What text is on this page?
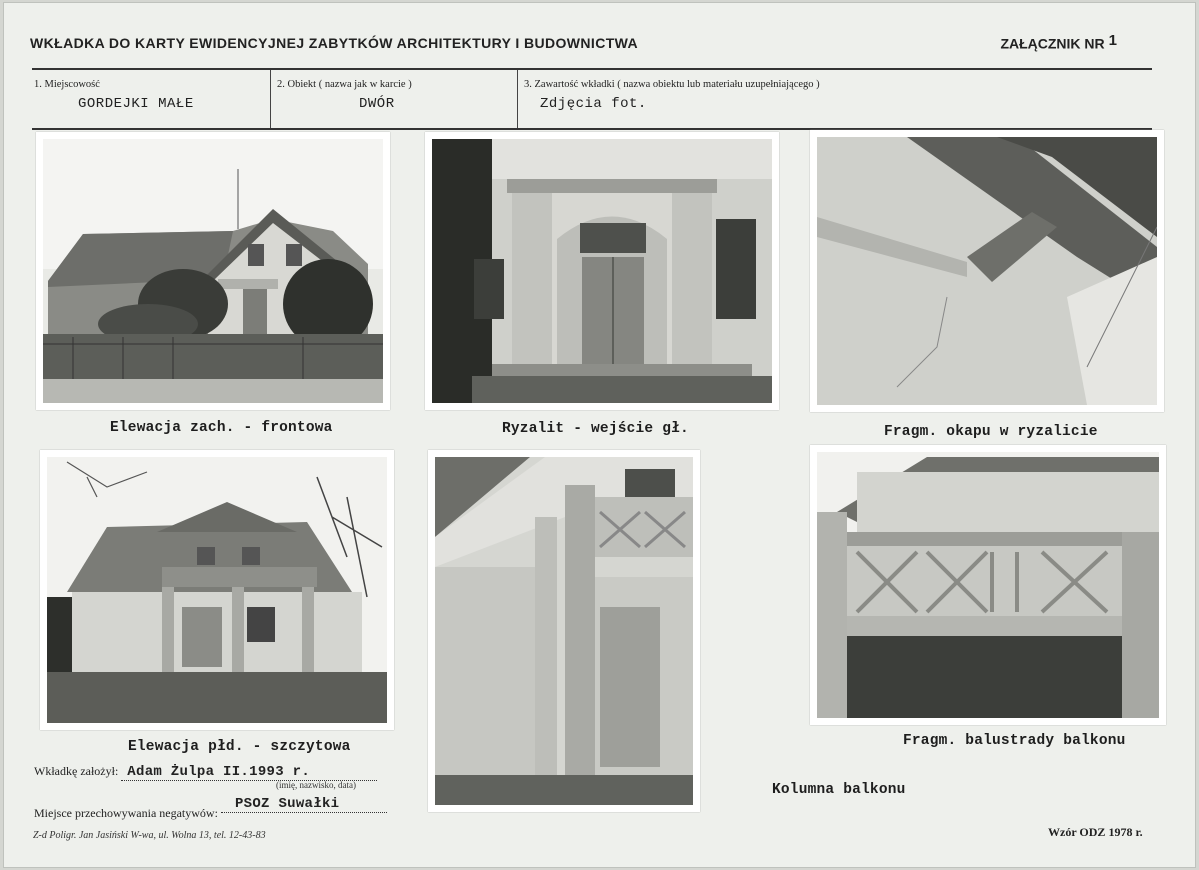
WKŁADKA DO KARTY EWIDENCYJNEJ ZABYTKÓW ARCHITEKTURY I BUDOWNICTWA	ZAŁĄCZNIK NR 1
1. Miejscowość
GORDEJKI MAŁE
2. Obiekt ( nazwa jak w karcie )
DWÓR
3. Zawartość wkładki ( nazwa obiektu lub materiału uzupełniającego )
Zdjęcia fot.
Elewacja zach. - frontowa	Ryzalit - wejście gł.	Fragm. okapu w ryzalicie
Elewacja płd. - szczytowa
Kolumna balkonu
Fragm. balustrady balkonu
Wkładkę założył: Adam Żulpa II.1993 r.
(imię, nazwisko, data)
Miejsce przechowywania negatywów: PSOZ Suwałki
Z-d Poligr. Jan Jasiński W-wa, ul. Wolna 13, tel. 12-43-83	Wzór ODZ 1978 r.
